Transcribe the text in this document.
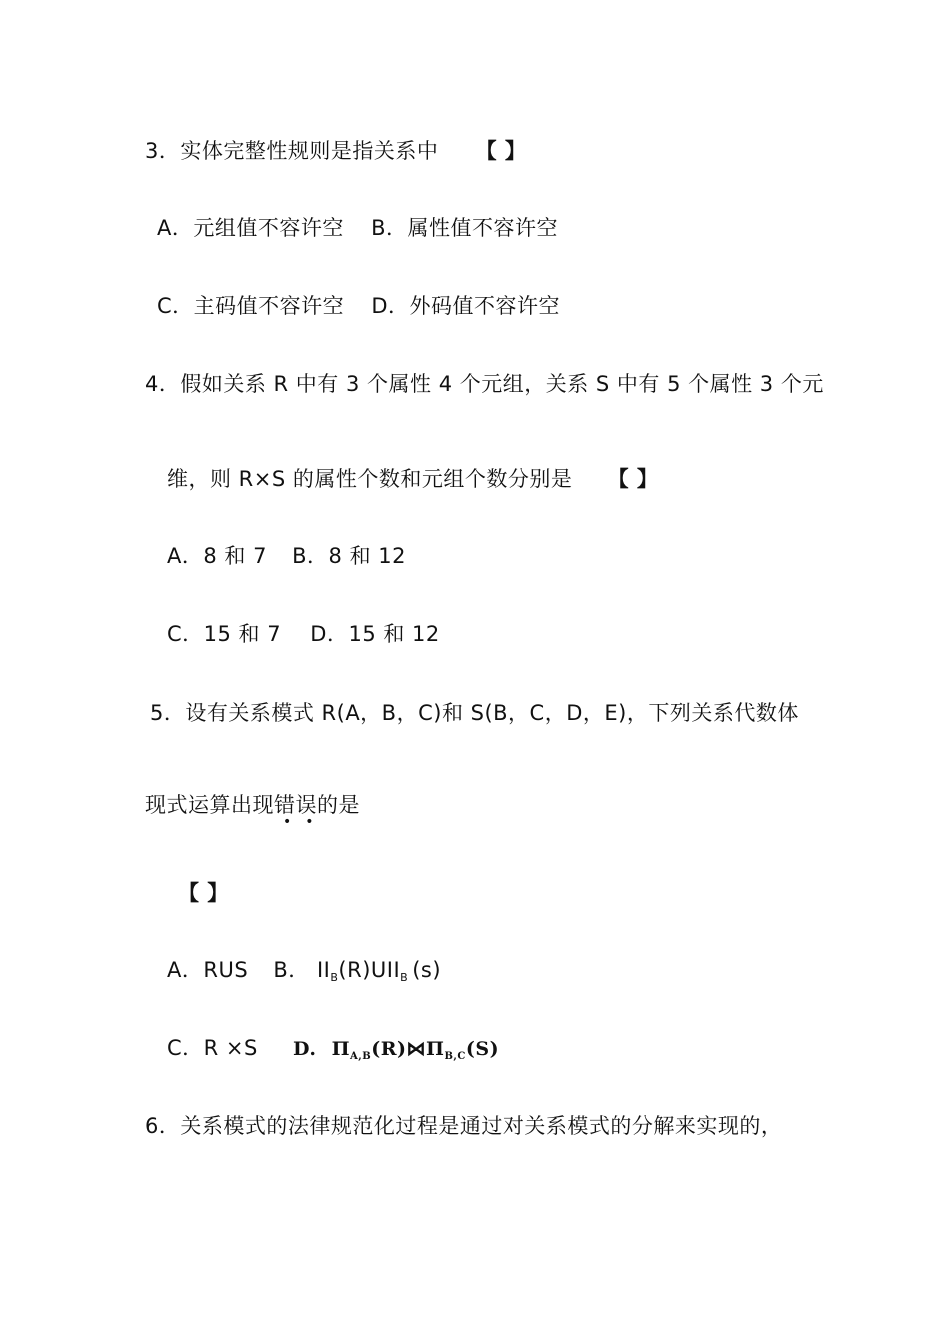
3．实体完整性规则是指关系中 【 】
A．元组值不容许空 B．属性值不容许空
C．主码值不容许空 D．外码值不容许空
4．假如关系 R 中有 3 个属性 4 个元组，关系 S 中有 5 个属性 3 个元
维，则 R×S 的属性个数和元组个数分别是 【 】
A．8 和 7 B．8 和 12
C．15 和 7 D．15 和 12
5．设有关系模式 R(A，B，C)和 S(B，C，D，E)，下列关系代数体
现式运算出现错误的是
••
【 】
A．RUS B． $II_B(R)UII_B$ (s)
C．R ×S D. $\Pi_{A,B}(R)⋈\Pi_{B,C}(S)$
6．关系模式的法律规范化过程是通过对关系模式的分解来实现的，
